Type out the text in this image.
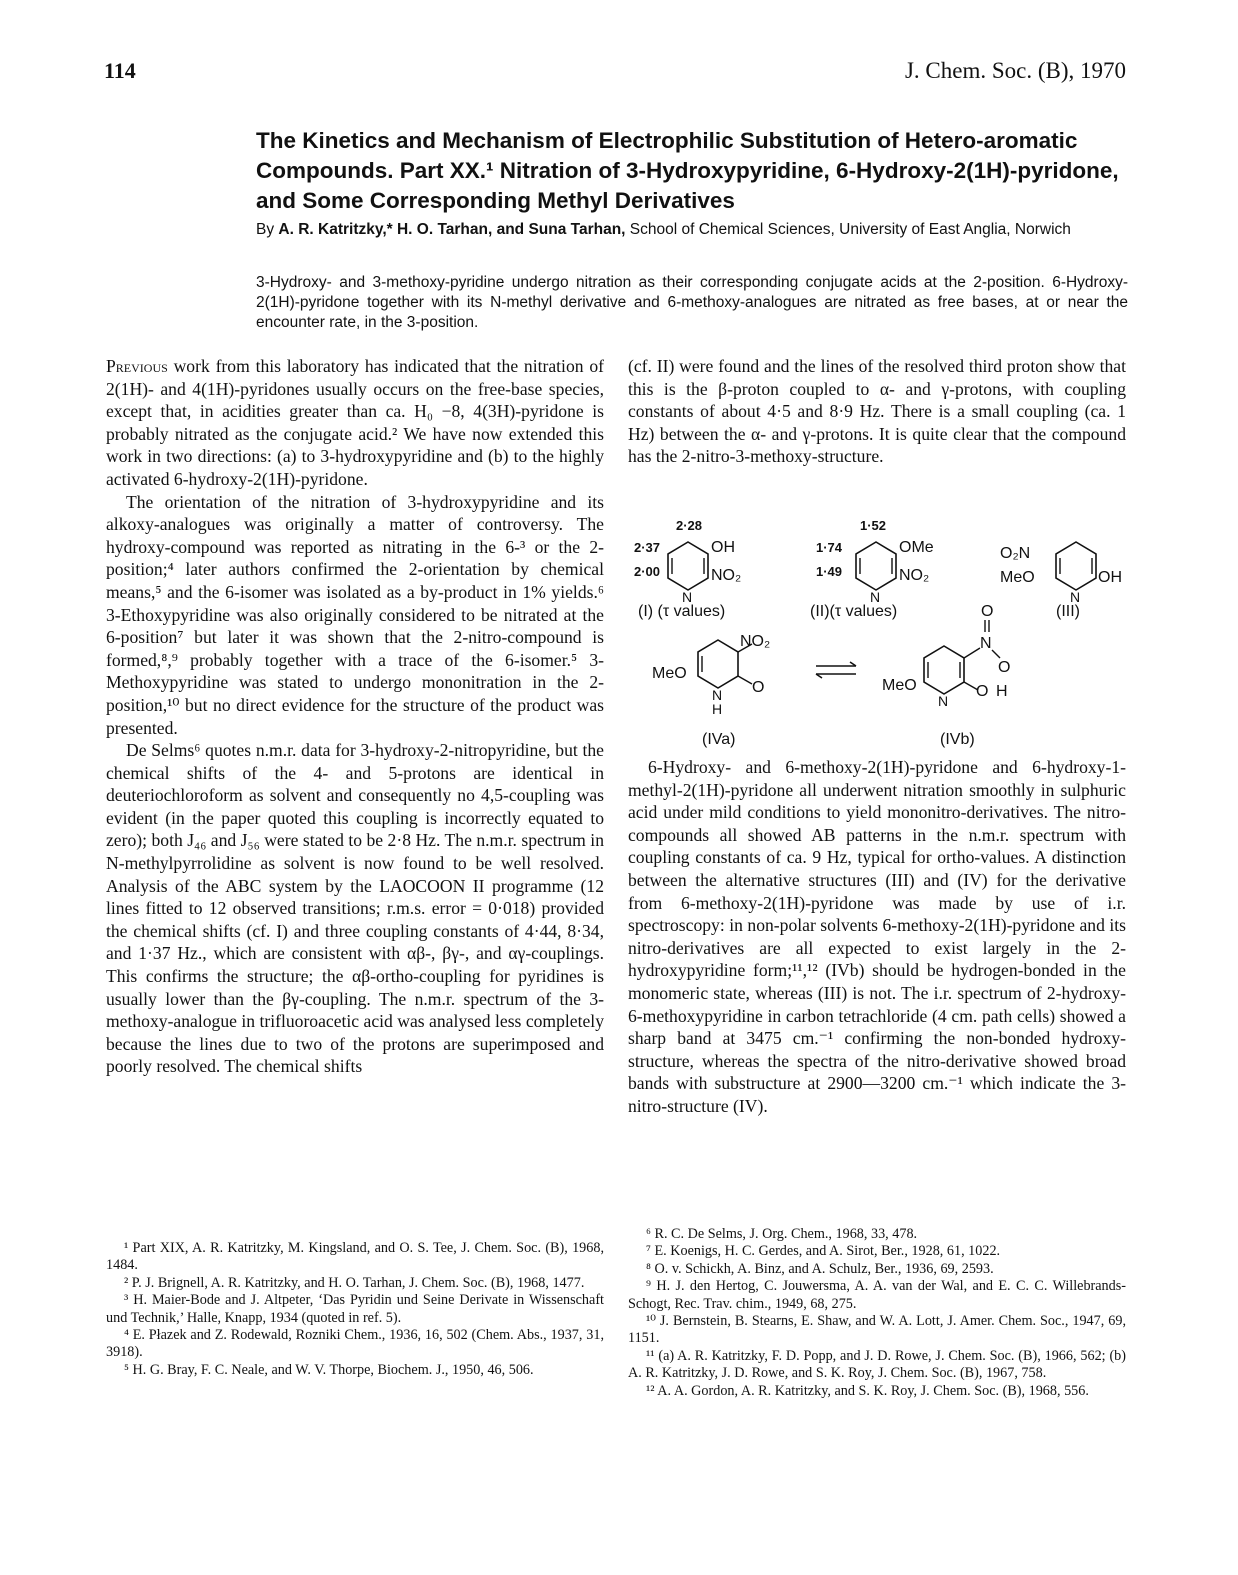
114	J. Chem. Soc. (B), 1970
The Kinetics and Mechanism of Electrophilic Substitution of Hetero-aromatic Compounds. Part XX.¹ Nitration of 3-Hydroxypyridine, 6-Hydroxy-2(1H)-pyridone, and Some Corresponding Methyl Derivatives
By A. R. Katritzky,* H. O. Tarhan, and Suna Tarhan, School of Chemical Sciences, University of East Anglia, Norwich
3-Hydroxy- and 3-methoxy-pyridine undergo nitration as their corresponding conjugate acids at the 2-position. 6-Hydroxy-2(1H)-pyridone together with its N-methyl derivative and 6-methoxy-analogues are nitrated as free bases, at or near the encounter rate, in the 3-position.

Previous work from this laboratory has indicated that the nitration of 2(1H)- and 4(1H)-pyridones usually occurs on the free-base species, except that, in acidities greater than ca. H₀ −8, 4(3H)-pyridone is probably nitrated as the conjugate acid.² We have now extended this work in two directions: (a) to 3-hydroxypyridine and (b) to the highly activated 6-hydroxy-2(1H)-pyridone.

The orientation of the nitration of 3-hydroxypyridine and its alkoxy-analogues was originally a matter of controversy. The hydroxy-compound was reported as nitrating in the 6-³ or the 2-position;⁴ later authors confirmed the 2-orientation by chemical means,⁵ and the 6-isomer was isolated as a by-product in 1% yields.⁶ 3-Ethoxypyridine was also originally considered to be nitrated at the 6-position⁷ but later it was shown that the 2-nitro-compound is formed,⁸,⁹ probably together with a trace of the 6-isomer.⁵ 3-Methoxypyridine was stated to undergo mononitration in the 2-position,¹⁰ but no direct evidence for the structure of the product was presented.

De Selms⁶ quotes n.m.r. data for 3-hydroxy-2-nitropyridine, but the chemical shifts of the 4- and 5-protons are identical in deuteriochloroform as solvent and consequently no 4,5-coupling was evident (in the paper quoted this coupling is incorrectly equated to zero); both J₄₆ and J₅₆ were stated to be 2·8 Hz. The n.m.r. spectrum in N-methylpyrrolidine as solvent is now found to be well resolved. Analysis of the ABC system by the LAOCOON II programme (12 lines fitted to 12 observed transitions; r.m.s. error = 0·018) provided the chemical shifts (cf. I) and three coupling constants of 4·44, 8·34, and 1·37 Hz., which are consistent with αβ-, βγ-, and αγ-couplings. This confirms the structure; the αβ-ortho-coupling for pyridines is usually lower than the βγ-coupling. The n.m.r. spectrum of the 3-methoxy-analogue in trifluoroacetic acid was analysed less completely because the lines due to two of the protons are superimposed and poorly resolved. The chemical shifts

(cf. II) were found and the lines of the resolved third proton show that this is the β-proton coupled to α- and γ-protons, with coupling constants of about 4·5 and 8·9 Hz. There is a small coupling (ca. 1 Hz) between the α- and γ-protons. It is quite clear that the compound has the 2-nitro-3-methoxy-structure.

2·28
2·37
2·00
OH
NO₂
N
(I) (τ values)
1·52
1·74
1·49
OMe
NO₂
N
(II)(τ values)
O₂N
MeO	OH
N
(III)
NO₂
MeO
O
N
H
(IVa)
O
N
O
O H
MeO
N
(IVb)

6-Hydroxy- and 6-methoxy-2(1H)-pyridone and 6-hydroxy-1-methyl-2(1H)-pyridone all underwent nitration smoothly in sulphuric acid under mild conditions to yield mononitro-derivatives. The nitro-compounds all showed AB patterns in the n.m.r. spectrum with coupling constants of ca. 9 Hz, typical for ortho-values. A distinction between the alternative structures (III) and (IV) for the derivative from 6-methoxy-2(1H)-pyridone was made by use of i.r. spectroscopy: in non-polar solvents 6-methoxy-2(1H)-pyridone and its nitro-derivatives are all expected to exist largely in the 2-hydroxypyridine form;¹¹,¹² (IVb) should be hydrogen-bonded in the monomeric state, whereas (III) is not. The i.r. spectrum of 2-hydroxy-6-methoxypyridine in carbon tetrachloride (4 cm. path cells) showed a sharp band at 3475 cm.⁻¹ confirming the non-bonded hydroxy-structure, whereas the spectra of the nitro-derivative showed broad bands with substructure at 2900—3200 cm.⁻¹ which indicate the 3-nitro-structure (IV).

¹ Part XIX, A. R. Katritzky, M. Kingsland, and O. S. Tee, J. Chem. Soc. (B), 1968, 1484.
² P. J. Brignell, A. R. Katritzky, and H. O. Tarhan, J. Chem. Soc. (B), 1968, 1477.
³ H. Maier-Bode and J. Altpeter, ‘Das Pyridin und Seine Derivate in Wissenschaft und Technik,’ Halle, Knapp, 1934 (quoted in ref. 5).
⁴ E. Płazek and Z. Rodewald, Rozniki Chem., 1936, 16, 502 (Chem. Abs., 1937, 31, 3918).
⁵ H. G. Bray, F. C. Neale, and W. V. Thorpe, Biochem. J., 1950, 46, 506.
⁶ R. C. De Selms, J. Org. Chem., 1968, 33, 478.
⁷ E. Koenigs, H. C. Gerdes, and A. Sirot, Ber., 1928, 61, 1022.
⁸ O. v. Schickh, A. Binz, and A. Schulz, Ber., 1936, 69, 2593.
⁹ H. J. den Hertog, C. Jouwersma, A. A. van der Wal, and E. C. C. Willebrands-Schogt, Rec. Trav. chim., 1949, 68, 275.
¹⁰ J. Bernstein, B. Stearns, E. Shaw, and W. A. Lott, J. Amer. Chem. Soc., 1947, 69, 1151.
¹¹ (a) A. R. Katritzky, F. D. Popp, and J. D. Rowe, J. Chem. Soc. (B), 1966, 562; (b) A. R. Katritzky, J. D. Rowe, and S. K. Roy, J. Chem. Soc. (B), 1967, 758.
¹² A. A. Gordon, A. R. Katritzky, and S. K. Roy, J. Chem. Soc. (B), 1968, 556.
